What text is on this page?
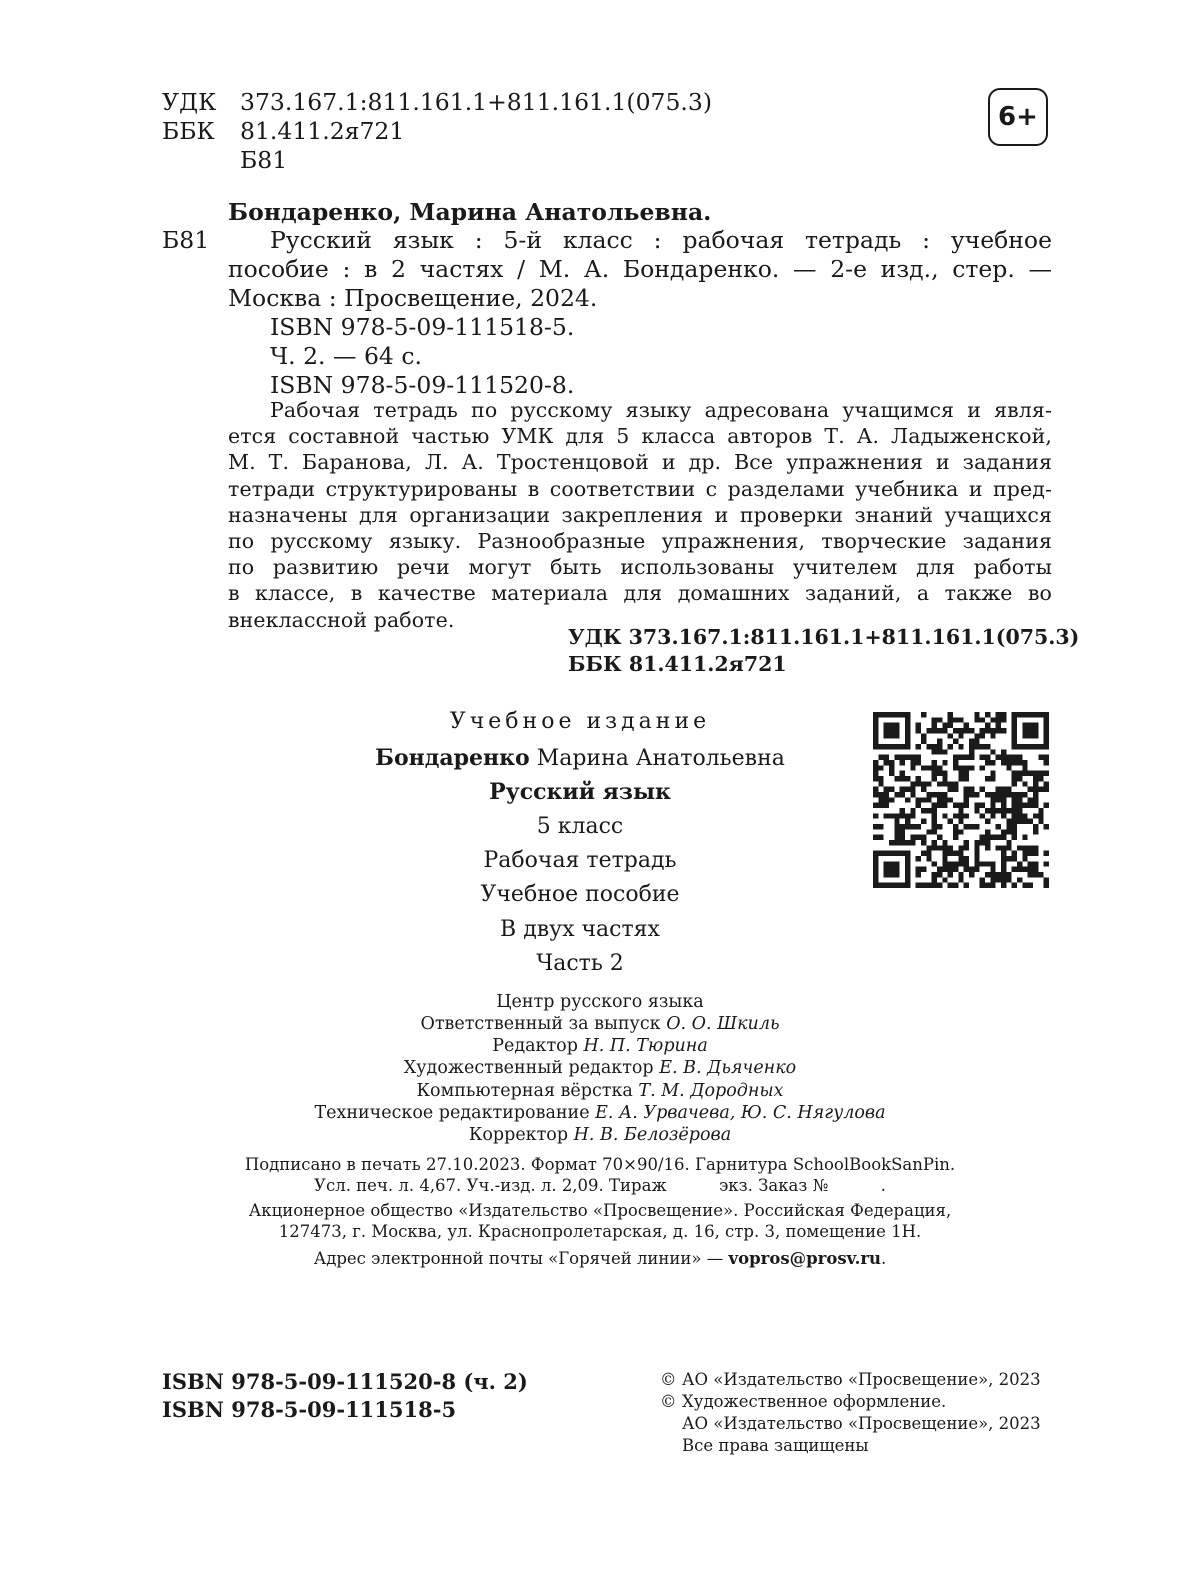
УДК 373.167.1:811.161.1+811.161.1(075.3)
ББК 81.411.2я721
Б81
6+
Бондаренко, Марина Анатольевна.
Б81	Русский язык : 5-й класс : рабочая тетрадь : учебное
пособие : в 2 частях / М. А. Бондаренко. — 2-е изд., стер. —
Москва : Просвещение, 2024.
ISBN 978-5-09-111518-5.
Ч. 2. — 64 с.
ISBN 978-5-09-111520-8.
Рабочая тетрадь по русскому языку адресована учащимся и явля-
ется составной частью УМК для 5 класса авторов Т. А. Ладыженской,
М. Т. Баранова, Л. А. Тростенцовой и др. Все упражнения и задания
тетради структурированы в соответствии с разделами учебника и пред-
назначены для организации закрепления и проверки знаний учащихся
по русскому языку. Разнообразные упражнения, творческие задания
по развитию речи могут быть использованы учителем для работы
в классе, в качестве материала для домашних заданий, а также во
внеклассной работе.
УДК 373.167.1:811.161.1+811.161.1(075.3)
ББК 81.411.2я721
Учебное издание
Бондаренко Марина Анатольевна
Русский язык
5 класс
Рабочая тетрадь
Учебное пособие
В двух частях
Часть 2
Центр русского языка
Ответственный за выпуск О. О. Шкиль
Редактор Н. П. Тюрина
Художественный редактор Е. В. Дьяченко
Компьютерная вёрстка Т. М. Дородных
Техническое редактирование Е. А. Урвачева, Ю. С. Нягулова
Корректор Н. В. Белозёрова
Подписано в печать 27.10.2023. Формат 70×90/16. Гарнитура SchoolBookSanPin.
Усл. печ. л. 4,67. Уч.-изд. л. 2,09. Тираж          экз. Заказ №          .
Акционерное общество «Издательство «Просвещение». Российская Федерация,
127473, г. Москва, ул. Краснопролетарская, д. 16, стр. 3, помещение 1Н.
Адрес электронной почты «Горячей линии» — vopros@prosv.ru.
ISBN 978-5-09-111520-8 (ч. 2)
ISBN 978-5-09-111518-5
© АО «Издательство «Просвещение», 2023
© Художественное оформление.
АО «Издательство «Просвещение», 2023
Все права защищены
